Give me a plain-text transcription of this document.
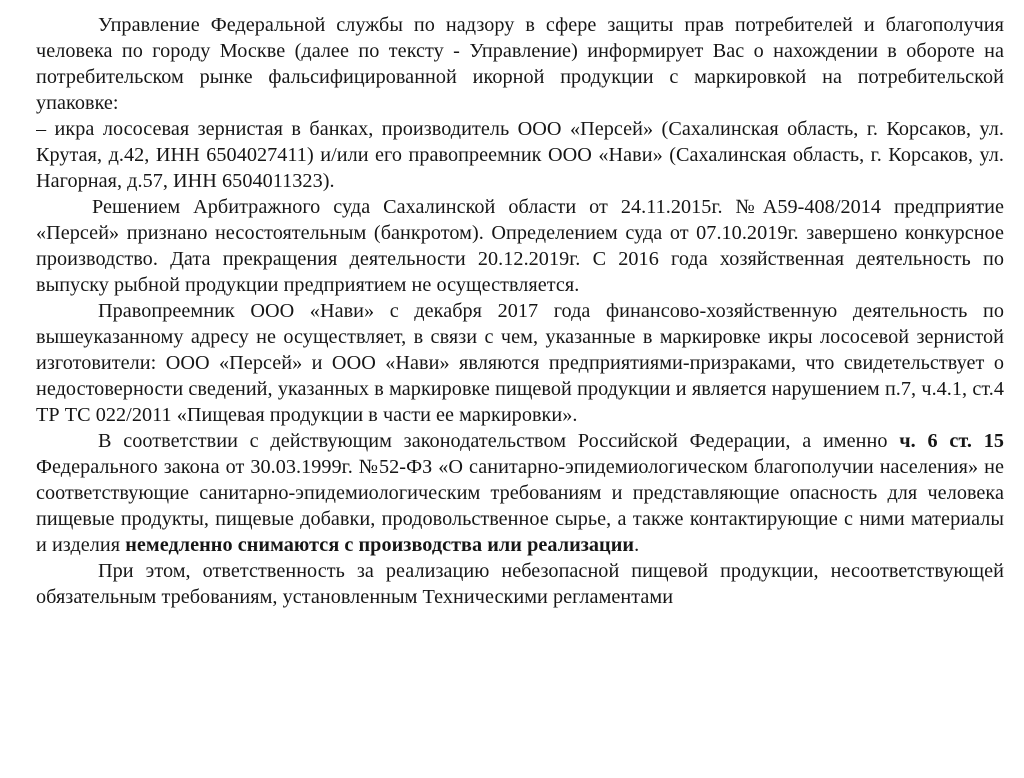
Управление Федеральной службы по надзору в сфере защиты прав потребителей и благополучия человека по городу Москве (далее по тексту - Управление) информирует Вас о нахождении в обороте на потребительском рынке фальсифицированной икорной продукции с маркировкой на потребительской упаковке:

– икра лососевая зернистая в банках, производитель ООО «Персей» (Сахалинская область, г. Корсаков, ул. Крутая, д.42, ИНН 6504027411) и/или его правопреемник ООО «Нави» (Сахалинская область, г. Корсаков, ул. Нагорная, д.57, ИНН 6504011323).

Решением Арбитражного суда Сахалинской области от 24.11.2015г. №А59-408/2014 предприятие «Персей» признано несостоятельным (банкротом). Определением суда от 07.10.2019г. завершено конкурсное производство. Дата прекращения деятельности 20.12.2019г. С 2016 года хозяйственная деятельность по выпуску рыбной продукции предприятием не осуществляется.

Правопреемник ООО «Нави» с декабря 2017 года финансово-хозяйственную деятельность по вышеуказанному адресу не осуществляет, в связи с чем, указанные в маркировке икры лососевой зернистой изготовители: ООО «Персей» и ООО «Нави» являются предприятиями-призраками, что свидетельствует о недостоверности сведений, указанных в маркировке пищевой продукции и является нарушением п.7, ч.4.1, ст.4 ТР ТС 022/2011 «Пищевая продукции в части ее маркировки».

В соответствии с действующим законодательством Российской Федерации, а именно ч. 6 ст. 15 Федерального закона от 30.03.1999г. №52-ФЗ «О санитарно-эпидемиологическом благополучии населения» не соответствующие санитарно-эпидемиологическим требованиям и представляющие опасность для человека пищевые продукты, пищевые добавки, продовольственное сырье, а также контактирующие с ними материалы и изделия немедленно снимаются с производства или реализации.

При этом, ответственность за реализацию небезопасной пищевой продукции, несоответствующей обязательным требованиям, установленным Техническими регламентами
